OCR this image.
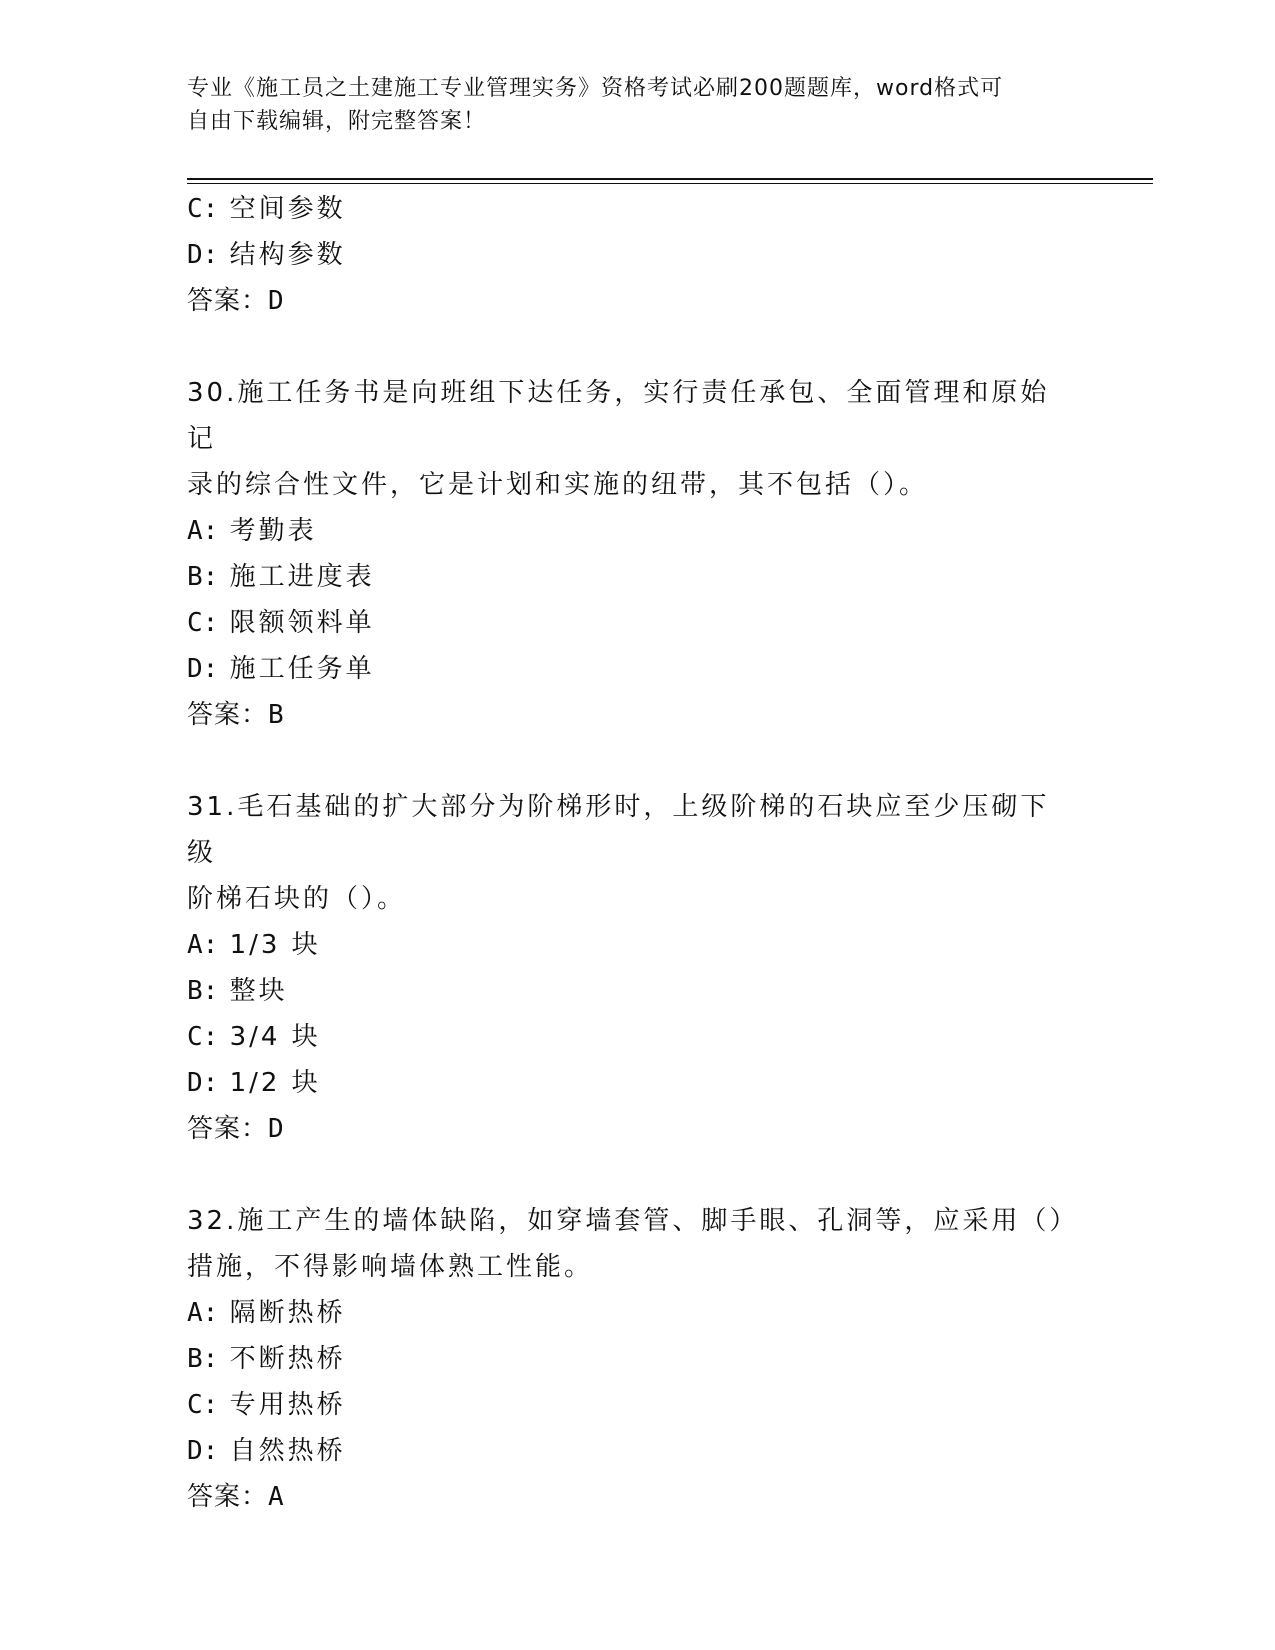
专业《施工员之土建施工专业管理实务》资格考试必刷200题题库，word格式可
自由下载编辑，附完整答案！
C: 空间参数
D: 结构参数
答案：D
30.施工任务书是向班组下达任务，实行责任承包、全面管理和原始记
录的综合性文件，它是计划和实施的纽带，其不包括（）。
A: 考勤表
B: 施工进度表
C: 限额领料单
D: 施工任务单
答案：B
31.毛石基础的扩大部分为阶梯形时，上级阶梯的石块应至少压砌下级
阶梯石块的（）。
A: 1/3 块
B: 整块
C: 3/4 块
D: 1/2 块
答案：D
32.施工产生的墙体缺陷，如穿墙套管、脚手眼、孔洞等，应采用（）
措施，不得影响墙体熟工性能。
A: 隔断热桥
B: 不断热桥
C: 专用热桥
D: 自然热桥
答案：A
